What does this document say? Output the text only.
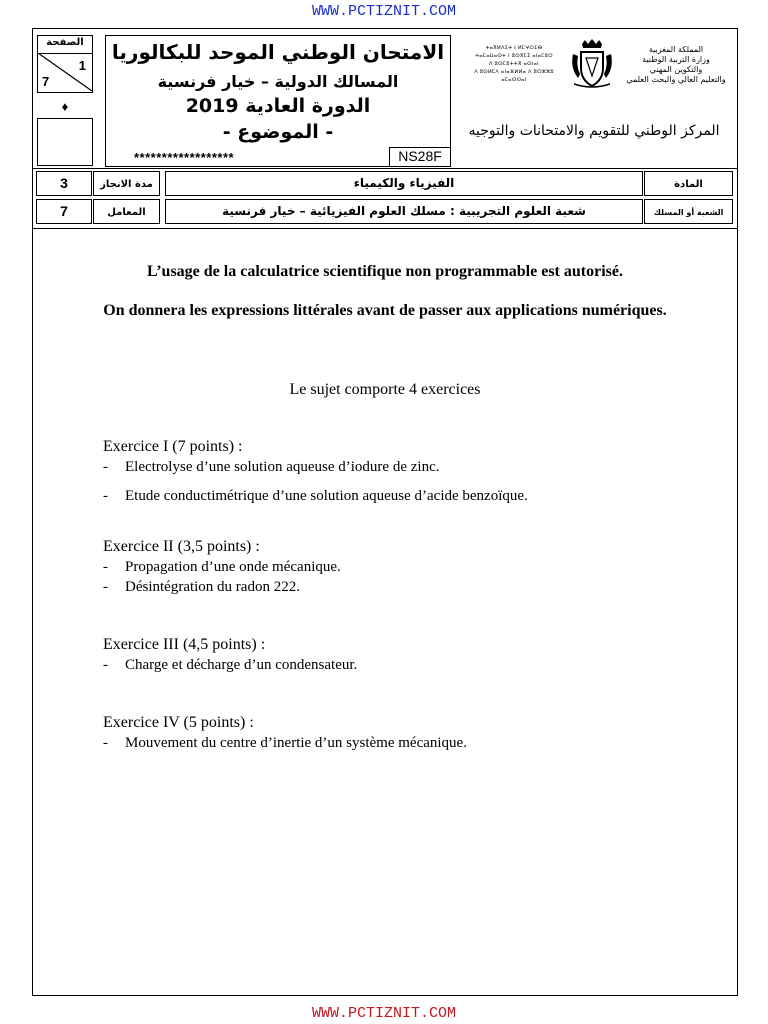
WWW.PCTIZNIT.COM
الصفحة
1
7
♦
الامتحان الوطني الموحد للبكالوريا
المسالك الدولية – خيار فرنسية
الدورة العادية 2019
- الموضوع -
******************	NS28F
ⵜⴰⴳⵍⴷⵉⵜ ⵏ ⵍⵎⵖⵔⵉⴱ
ⵜⴰⵎⴰⵡⴰⵙⵜ ⵏ ⵓⵙⴳⵎⵉ ⴰⵏⴰⵎⵓⵔ
ⴷ ⵓⵙⵎⵓⵜⵜⴳ ⴰⵙⵏⴰⵏ
ⴷ ⵓⵙⵍⵎⴷ ⴰⵏⴰⴼⵍⵍⴰ ⴷ ⵓⵔⵣⵣⵓ ⴰⵎⴰⵙⵙⴰⵏ
المملكة المغربية
وزارة التربية الوطنية
والتكوين المهني
والتعليم العالي والبحث العلمي
المركز الوطني للتقويم والامتحانات والتوجيه
3	مدة الانجاز	الفيزياء والكيمياء	المادة
7	المعامل	شعبة العلوم التجريبية : مسلك العلوم الفيزيائية – خيار فرنسية	الشعبة أو المسلك
L’usage de la calculatrice scientifique non programmable est autorisé.
On donnera les expressions littérales avant de passer aux applications numériques.
Le sujet comporte 4 exercices
Exercice I (7 points) :
- Electrolyse d’une solution aqueuse d’iodure de zinc.
- Etude conductimétrique d’une solution aqueuse d’acide benzoïque.
Exercice II (3,5 points) :
- Propagation d’une onde mécanique.
- Désintégration du radon 222.
Exercice III (4,5 points) :
- Charge et décharge d’un condensateur.
Exercice IV (5 points) :
- Mouvement du centre d’inertie d’un système mécanique.
WWW.PCTIZNIT.COM
